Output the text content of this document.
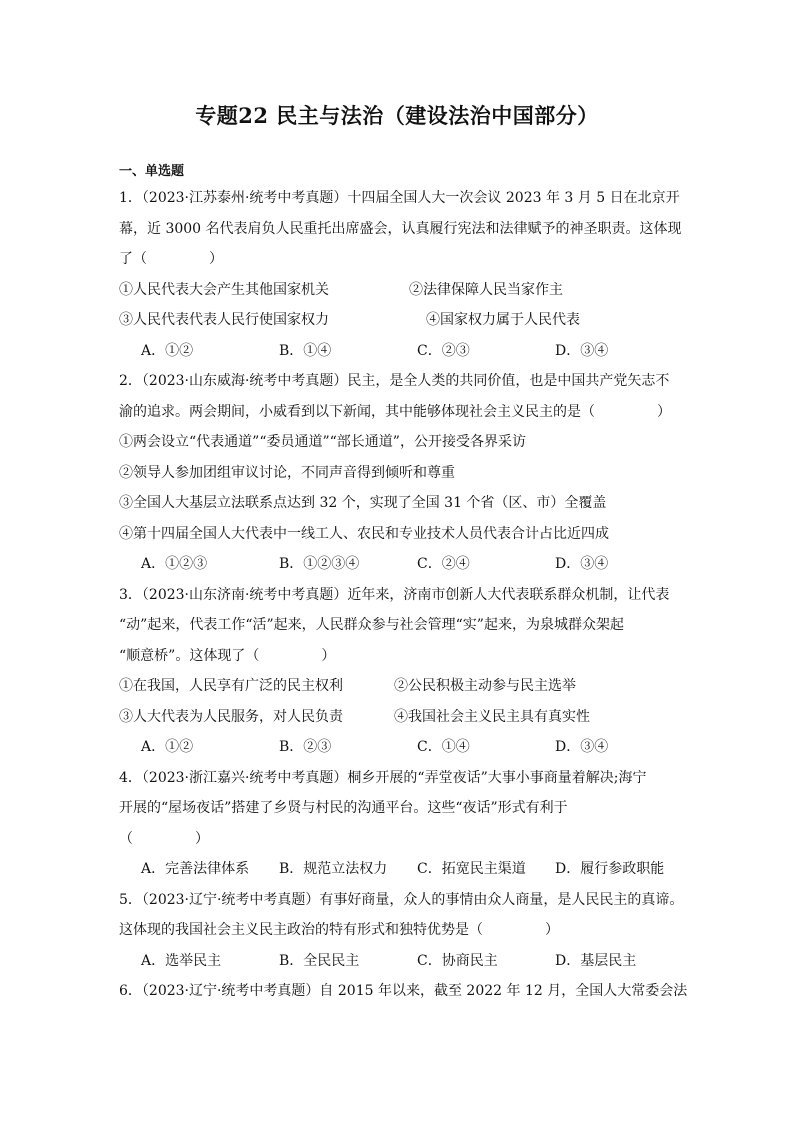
专题22 民主与法治（建设法治中国部分）
一、单选题
1．（2023·江苏泰州·统考中考真题）十四届全国人大一次会议 2023 年 3 月 5 日在北京开
幕，近 3000 名代表肩负人民重托出席盛会，认真履行宪法和法律赋予的神圣职责。这体现
了（	）
①人民代表大会产生其他国家机关	②法律保障人民当家作主
③人民代表代表人民行使国家权力	④国家权力属于人民代表
A．①②	B．①④	C．②③	D．③④
2．（2023·山东威海·统考中考真题）民主，是全人类的共同价值，也是中国共产党矢志不
渝的追求。两会期间，小威看到以下新闻，其中能够体现社会主义民主的是（	）
①两会设立“代表通道”“委员通道”“部长通道”，公开接受各界采访
②领导人参加团组审议讨论，不同声音得到倾听和尊重
③全国人大基层立法联系点达到 32 个，实现了全国 31 个省（区、市）全覆盖
④第十四届全国人大代表中一线工人、农民和专业技术人员代表合计占比近四成
A．①②③	B．①②③④	C．②④	D．③④
3．（2023·山东济南·统考中考真题）近年来，济南市创新人大代表联系群众机制，让代表
“动”起来，代表工作“活”起来，人民群众参与社会管理“实”起来，为泉城群众架起
“顺意桥”。这体现了（	）
①在我国，人民享有广泛的民主权利	②公民积极主动参与民主选举
③人大代表为人民服务，对人民负责	④我国社会主义民主具有真实性
A．①②	B．②③	C．①④	D．③④
4．（2023·浙江嘉兴·统考中考真题）桐乡开展的“弄堂夜话”大事小事商量着解决;海宁
开展的“屋场夜话”搭建了乡贤与村民的沟通平台。这些“夜话”形式有利于
（	）
A．完善法律体系	B．规范立法权力	C．拓宽民主渠道	D．履行参政职能
5．（2023·辽宁·统考中考真题）有事好商量，众人的事情由众人商量，是人民民主的真谛。
这体现的我国社会主义民主政治的特有形式和独特优势是（	）
A．选举民主	B．全民民主	C．协商民主	D．基层民主
6．（2023·辽宁·统考中考真题）自 2015 年以来，截至 2022 年 12 月，全国人大常委会法
